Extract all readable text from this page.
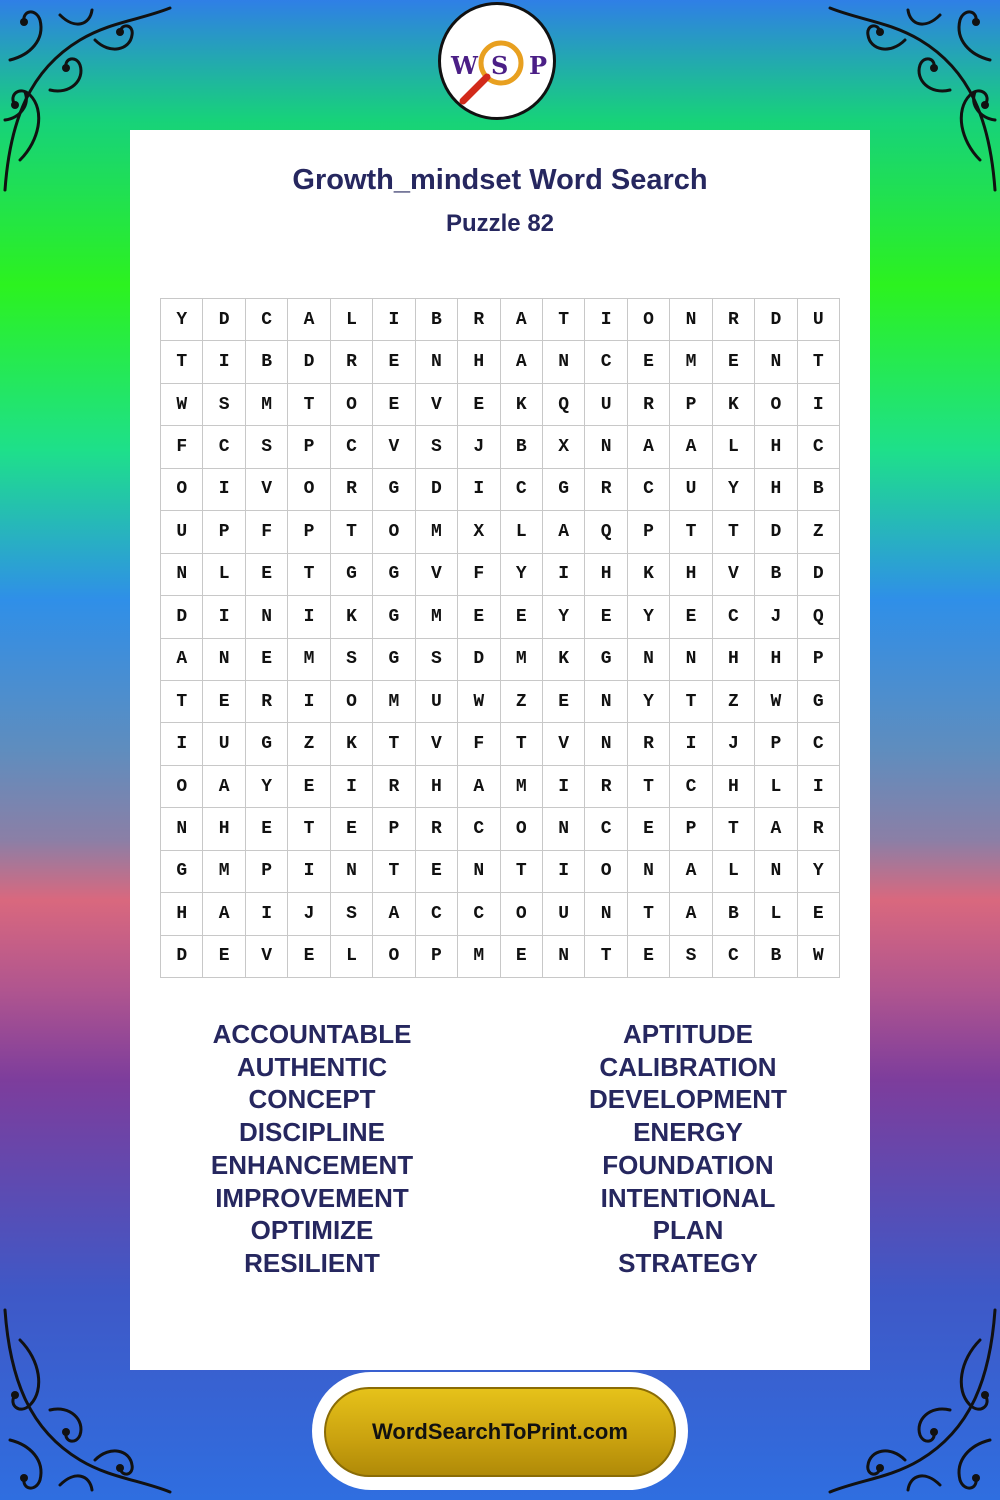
W S P
Growth_mindset Word Search
Puzzle 82
Y	D	C	A	L	I	B	R	A	T	I	O	N	R	D	U
T	I	B	D	R	E	N	H	A	N	C	E	M	E	N	T
W	S	M	T	O	E	V	E	K	Q	U	R	P	K	O	I
F	C	S	P	C	V	S	J	B	X	N	A	A	L	H	C
O	I	V	O	R	G	D	I	C	G	R	C	U	Y	H	B
U	P	F	P	T	O	M	X	L	A	Q	P	T	T	D	Z
N	L	E	T	G	G	V	F	Y	I	H	K	H	V	B	D
D	I	N	I	K	G	M	E	E	Y	E	Y	E	C	J	Q
A	N	E	M	S	G	S	D	M	K	G	N	N	H	H	P
T	E	R	I	O	M	U	W	Z	E	N	Y	T	Z	W	G
I	U	G	Z	K	T	V	F	T	V	N	R	I	J	P	C
O	A	Y	E	I	R	H	A	M	I	R	T	C	H	L	I
N	H	E	T	E	P	R	C	O	N	C	E	P	T	A	R
G	M	P	I	N	T	E	N	T	I	O	N	A	L	N	Y
H	A	I	J	S	A	C	C	O	U	N	T	A	B	L	E
D	E	V	E	L	O	P	M	E	N	T	E	S	C	B	W
ACCOUNTABLE
AUTHENTIC
CONCEPT
DISCIPLINE
ENHANCEMENT
IMPROVEMENT
OPTIMIZE
RESILIENT
APTITUDE
CALIBRATION
DEVELOPMENT
ENERGY
FOUNDATION
INTENTIONAL
PLAN
STRATEGY
WordSearchToPrint.com
